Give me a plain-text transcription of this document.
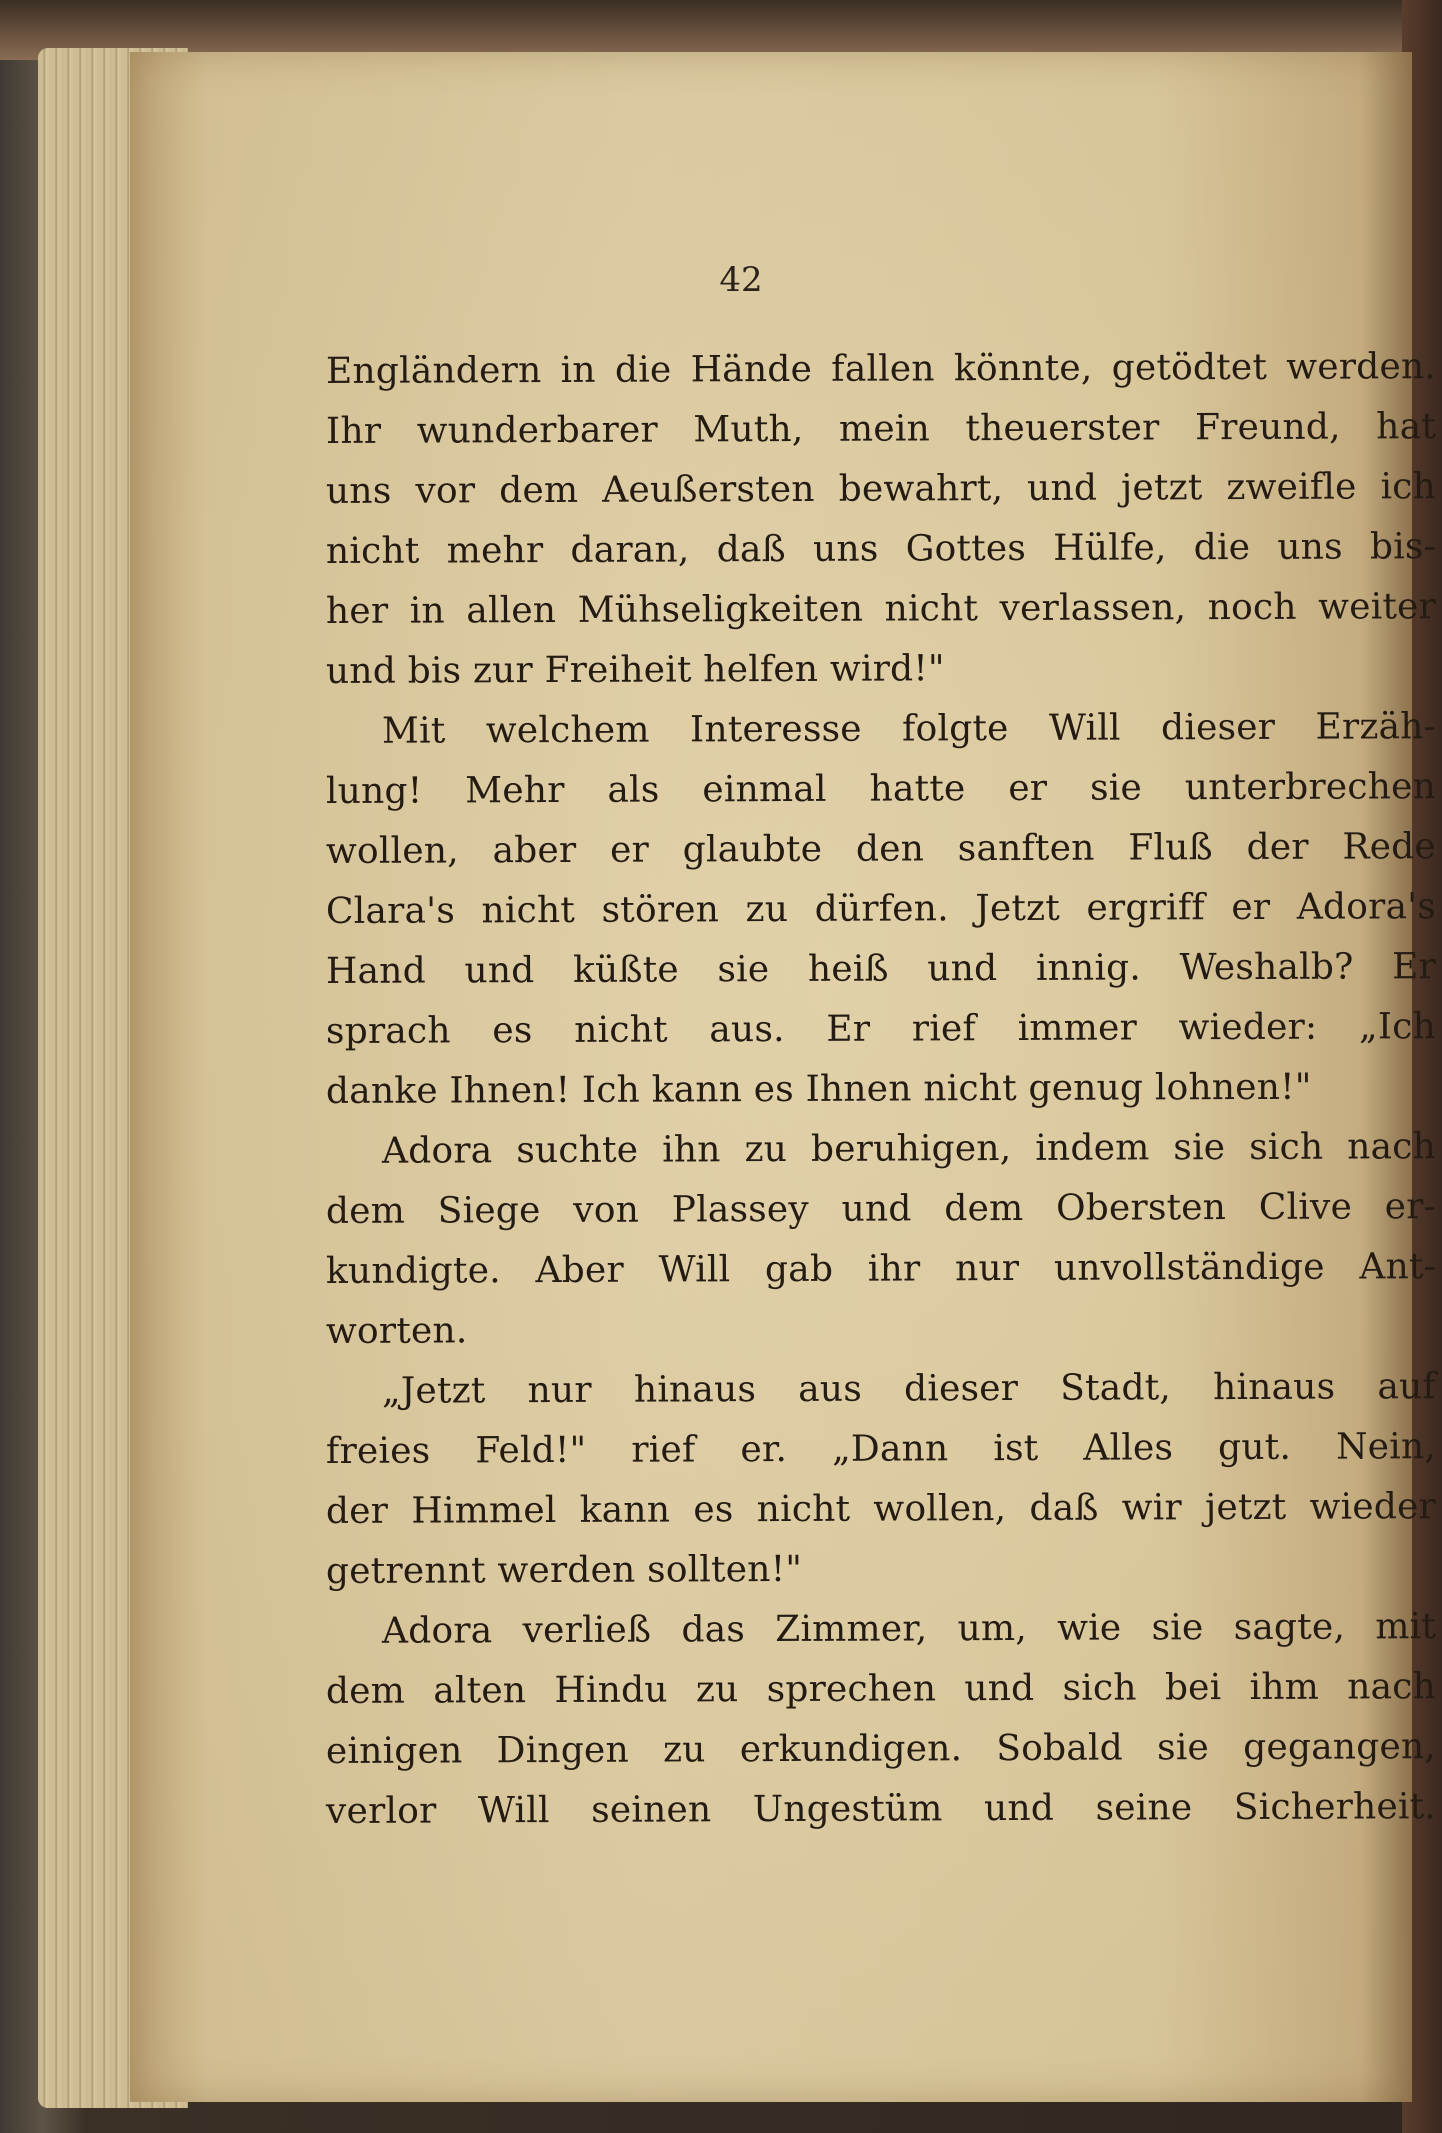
42
Engländern in die Hände fallen könnte, getödtet werden.
Ihr wunderbarer Muth, mein theuerster Freund, hat
uns vor dem Aeußersten bewahrt, und jetzt zweifle ich
nicht mehr daran, daß uns Gottes Hülfe, die uns bis-
her in allen Mühseligkeiten nicht verlassen, noch weiter
und bis zur Freiheit helfen wird!"
Mit welchem Interesse folgte Will dieser Erzäh-
lung! Mehr als einmal hatte er sie unterbrechen
wollen, aber er glaubte den sanften Fluß der Rede
Clara's nicht stören zu dürfen. Jetzt ergriff er Adora's
Hand und küßte sie heiß und innig. Weshalb? Er
sprach es nicht aus. Er rief immer wieder: „Ich
danke Ihnen! Ich kann es Ihnen nicht genug lohnen!"
Adora suchte ihn zu beruhigen, indem sie sich nach
dem Siege von Plassey und dem Obersten Clive er-
kundigte. Aber Will gab ihr nur unvollständige Ant-
worten.
„Jetzt nur hinaus aus dieser Stadt, hinaus auf
freies Feld!" rief er. „Dann ist Alles gut. Nein,
der Himmel kann es nicht wollen, daß wir jetzt wieder
getrennt werden sollten!"
Adora verließ das Zimmer, um, wie sie sagte, mit
dem alten Hindu zu sprechen und sich bei ihm nach
einigen Dingen zu erkundigen. Sobald sie gegangen,
verlor Will seinen Ungestüm und seine Sicherheit.
